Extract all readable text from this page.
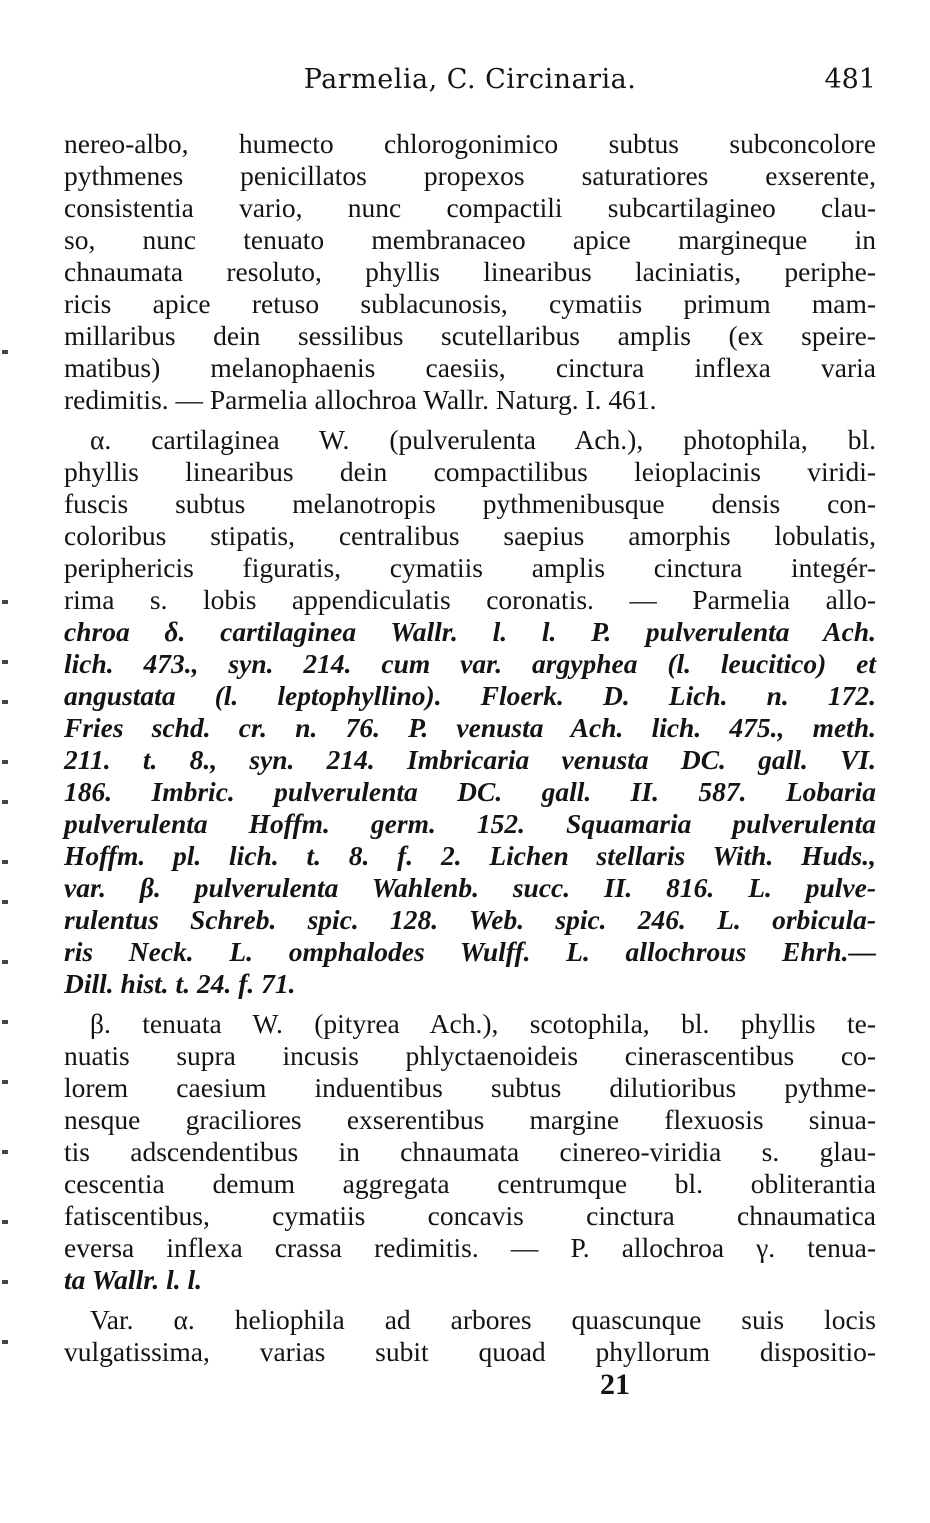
Parmelia, C. Circinaria.	481
nereo-albo, humecto chlorogonimico subtus subconcolore
pythmenes penicillatos propexos saturatiores exserente,
consistentia vario, nunc compactili subcartilagineo clau-
so, nunc tenuato membranaceo apice margineque in
chnaumata resoluto, phyllis linearibus laciniatis, periphe-
ricis apice retuso sublacunosis, cymatiis primum mam-
millaribus dein sessilibus scutellaribus amplis (ex speire-
matibus) melanophaenis caesiis, cinctura inflexa varia
redimitis. — Parmelia allochroa Wallr. Naturg. I. 461.
α. cartilaginea W. (pulverulenta Ach.), photophila, bl.
phyllis linearibus dein compactilibus leioplacinis viridi-
fuscis subtus melanotropis pythmenibusque densis con-
coloribus stipatis, centralibus saepius amorphis lobulatis,
periphericis figuratis, cymatiis amplis cinctura integér-
rima s. lobis appendiculatis coronatis. — Parmelia allo-
chroa δ. cartilaginea Wallr. l. l. P. pulverulenta Ach.
lich. 473., syn. 214. cum var. argyphea (l. leucitico) et
angustata (l. leptophyllino). Floerk. D. Lich. n. 172.
Fries schd. cr. n. 76. P. venusta Ach. lich. 475., meth.
211. t. 8., syn. 214. Imbricaria venusta DC. gall. VI.
186. Imbric. pulverulenta DC. gall. II. 587. Lobaria
pulverulenta Hoffm. germ. 152. Squamaria pulverulenta
Hoffm. pl. lich. t. 8. f. 2. Lichen stellaris With. Huds.,
var. β. pulverulenta Wahlenb. succ. II. 816. L. pulve-
rulentus Schreb. spic. 128. Web. spic. 246. L. orbicula-
ris Neck. L. omphalodes Wulff. L. allochrous Ehrh.—
Dill. hist. t. 24. f. 71.
β. tenuata W. (pityrea Ach.), scotophila, bl. phyllis te-
nuatis supra incusis phlyctaenoideis cinerascentibus co-
lorem caesium induentibus subtus dilutioribus pythme-
nesque graciliores exserentibus margine flexuosis sinua-
tis adscendentibus in chnaumata cinereo-viridia s. glau-
cescentia demum aggregata centrumque bl. obliterantia
fatiscentibus, cymatiis concavis cinctura chnaumatica
eversa inflexa crassa redimitis. — P. allochroa γ. tenua-
ta Wallr. l. l.
Var. α. heliophila ad arbores quascunque suis locis
vulgatissima, varias subit quoad phyllorum dispositio-
21
